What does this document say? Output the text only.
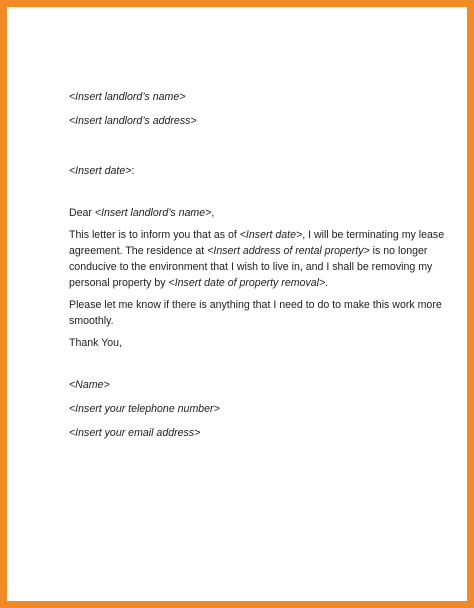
<Insert landlord’s name>
<Insert landlord’s address>
<Insert date>:
Dear <Insert landlord’s name>,
This letter is to inform you that as of <Insert date>, I will be terminating my lease
agreement. The residence at <Insert address of rental property> is no longer
conducive to the environment that I wish to live in, and I shall be removing my
personal property by <Insert date of property removal>.
Please let me know if there is anything that I need to do to make this work more
smoothly.
Thank You,
<Name>
<Insert your telephone number>
<Insert your email address>
